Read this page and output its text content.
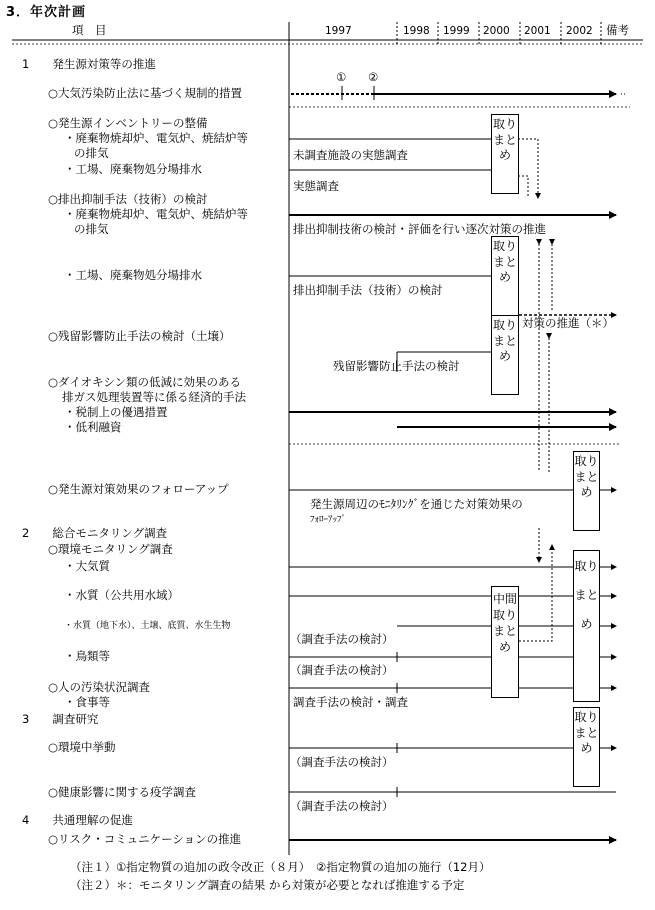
3．年次計画
項　目	1997	1998 1999 2000 2001 2002 備考
1　　発生源対策等の推進
○大気汚染防止法に基づく規制的措置
○発生源インベントリーの整備
・廃棄物焼却炉、電気炉、焼結炉等
の排気
・工場、廃棄物処分場排水
○排出抑制手法（技術）の検討
・廃棄物焼却炉、電気炉、焼結炉等
の排気
・工場、廃棄物処分場排水
○残留影響防止手法の検討（土壌）
○ダイオキシン類の低減に効果のある
排ガス処理装置等に係る経済的手法
・税制上の優遇措置
・低利融資
○発生源対策効果のフォローアップ
2　　総合モニタリング調査
○環境モニタリング調査
・大気質
・水質（公共用水域）
・水質（地下水）、土壌、底質、水生生物
・鳥類等
○人の汚染状況調査
・食事等
3　　調査研究
○環境中挙動
○健康影響に関する疫学調査
4　　共通理解の促進
○リスク・コミュニケーションの推進
① ②
未調査施設の実態調査
実態調査
排出抑制技術の検討・評価を行い逐次対策の推進
排出抑制手法（技術）の検討
対策の推進（＊）
残留影響防止手法の検討
発生源周辺のﾓﾆﾀﾘﾝｸﾞを通じた対策効果の
ﾌｫﾛｰｱｯﾌﾟ
（調査手法の検討）
（調査手法の検討）
調査手法の検討・調査
（調査手法の検討）
（調査手法の検討）
取りまとめ
取りまとめ
取りまとめ
取りまとめ
取りまとめ
中間取りまとめ
取りまとめ
（注１）①指定物質の追加の政令改正（８月）　②指定物質の追加の施行（12月）
（注２）＊：モニタリング調査の結果 から対策が必要となれば推進する予定
